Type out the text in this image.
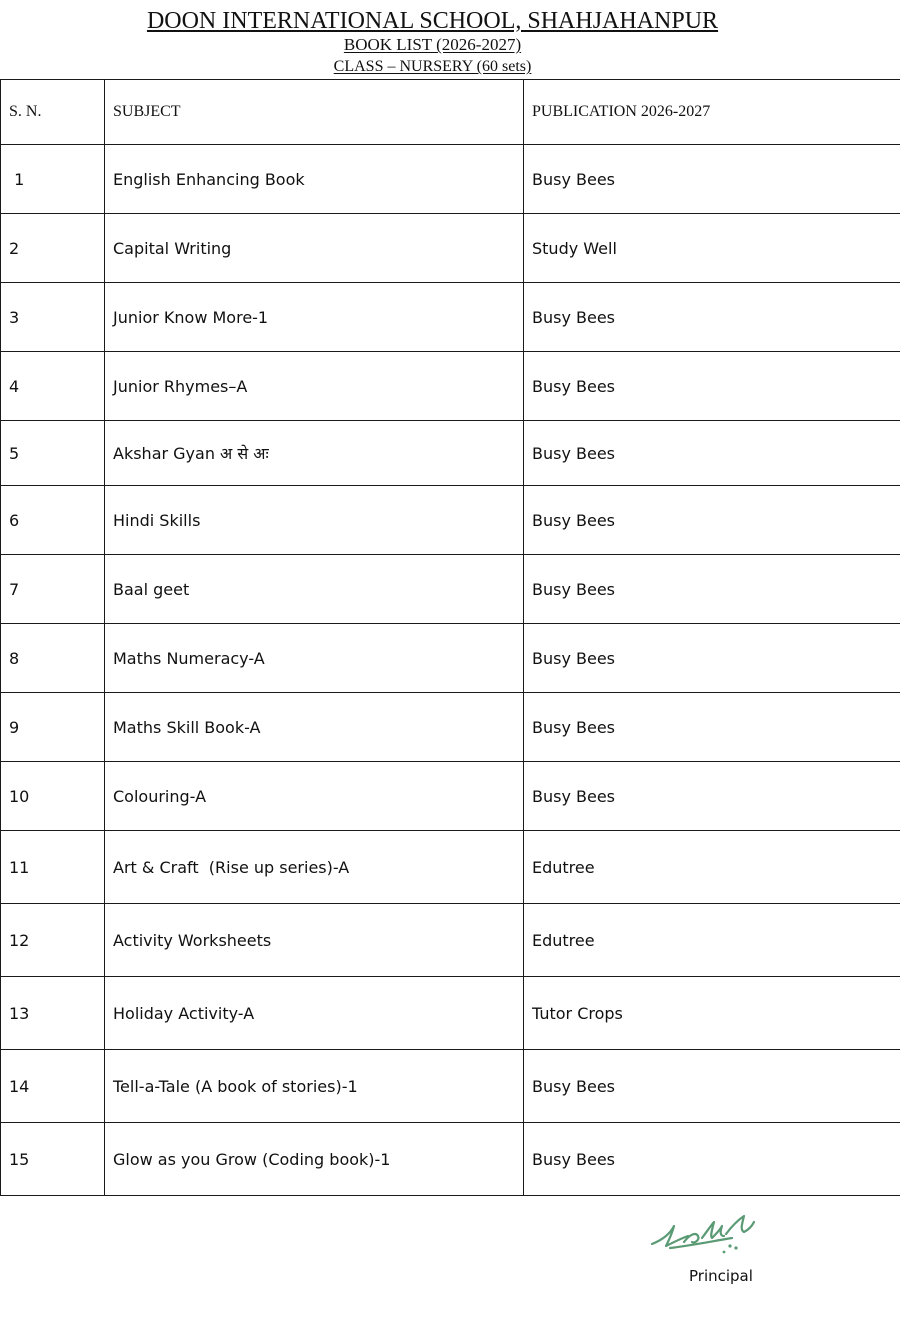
DOON INTERNATIONAL SCHOOL, SHAHJAHANPUR
BOOK LIST (2026-2027)
CLASS – NURSERY (60 sets)
S. N.	SUBJECT	PUBLICATION 2026-2027
1	English Enhancing Book	Busy Bees
2	Capital Writing	Study Well
3	Junior Know More-1	Busy Bees
4	Junior Rhymes–A	Busy Bees
5	Akshar Gyan अ से अः	Busy Bees
6	Hindi Skills	Busy Bees
7	Baal geet	Busy Bees
8	Maths Numeracy-A	Busy Bees
9	Maths Skill Book-A	Busy Bees
10	Colouring-A	Busy Bees
11	Art & Craft  (Rise up series)-A	Edutree
12	Activity Worksheets	Edutree
13	Holiday Activity-A	Tutor Crops
14	Tell-a-Tale (A book of stories)-1	Busy Bees
15	Glow as you Grow (Coding book)-1	Busy Bees
Principal
